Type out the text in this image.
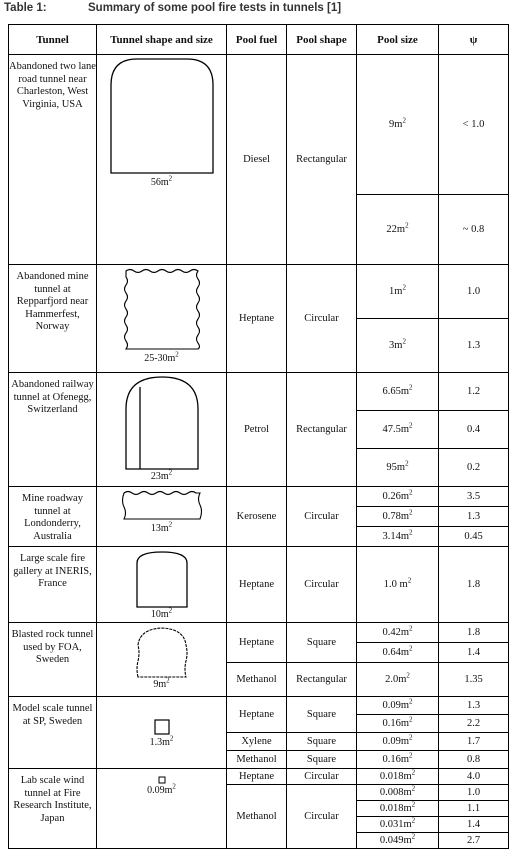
Table 1:	Summary of some pool fire tests in tunnels [1]
Tunnel	Tunnel shape and size	Pool fuel	Pool shape	Pool size	ψ
Abandoned two lane road tunnel near Charleston, West Virginia, USA	$56m^2$	Diesel	Rectangular	$9m^2$	< 1.0
				$22m^2$	~ 0.8
Abandoned mine tunnel at Repparfjord near Hammerfest, Norway	$25-30m^2$	Heptane	Circular	$1m^2$	1.0
				$3m^2$	1.3
Abandoned railway tunnel at Ofenegg, Switzerland	$23m^2$	Petrol	Rectangular	$6.65m^2$	1.2
				$47.5m^2$	0.4
				$95m^2$	0.2
Mine roadway tunnel at Londonderry, Australia	$13m^2$	Kerosene	Circular	$0.26m^2$	3.5
				$0.78m^2$	1.3
				$3.14m^2$	0.45
Large scale fire gallery at INERIS, France	$10m^2$	Heptane	Circular	1.0 $m^2$	1.8
Blasted rock tunnel used by FOA, Sweden	$9m^2$	Heptane	Square	$0.42m^2$	1.8
				$0.64m^2$	1.4
		Methanol	Rectangular	$2.0m^2$	1.35
Model scale tunnel at SP, Sweden	$1.3m^2$	Heptane	Square	$0.09m^2$	1.3
				$0.16m^2$	2.2
		Xylene	Square	$0.09m^2$	1.7
		Methanol	Square	$0.16m^2$	0.8
Lab scale wind tunnel at Fire Research Institute, Japan	$0.09m^2$	Heptane	Circular	$0.018m^2$	4.0
		Methanol	Circular	$0.008m^2$	1.0
				$0.018m^2$	1.1
				$0.031m^2$	1.4
				$0.049m^2$	2.7
